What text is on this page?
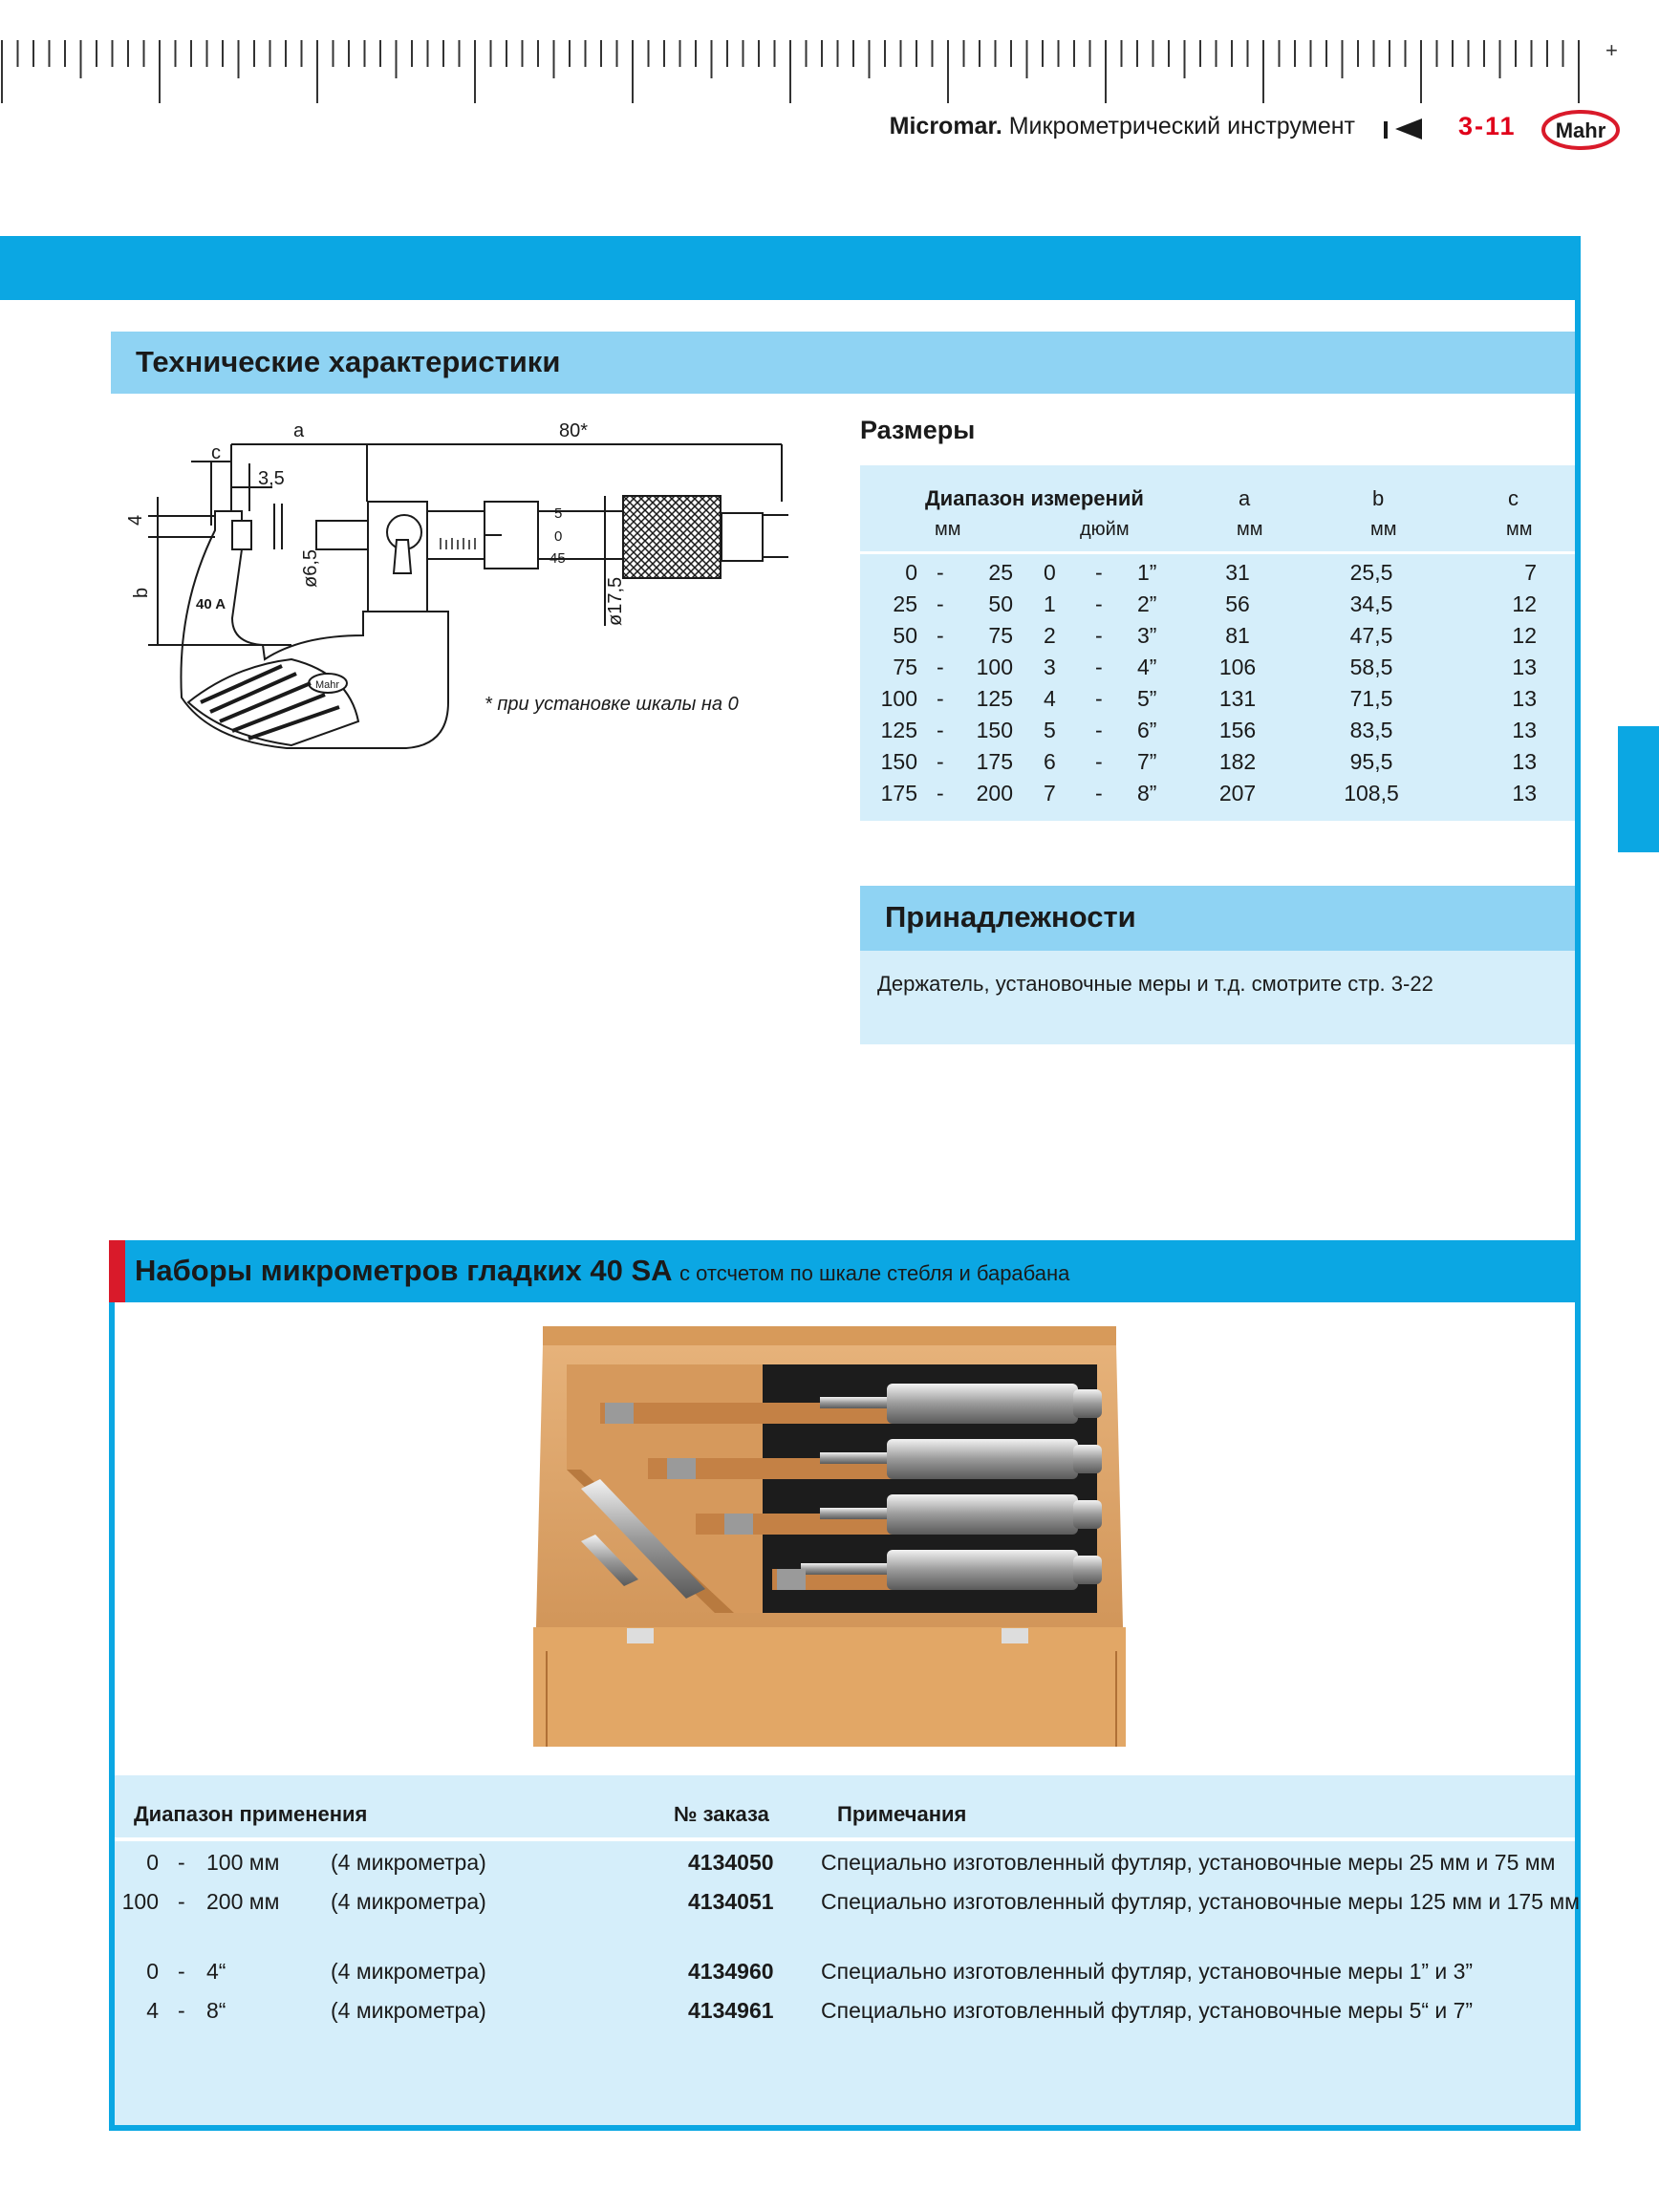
+
Micromar. Микрометрический инструмент	3-11 Mahr
Технические характеристики
a	80*
c
3,5
4
b
ø6,5
ø17,5
40 A
Mahr
5
0
45
* при установке шкалы на 0
Размеры
Диапазон измерений
мм	дюйм
a	b	c
мм	мм	мм
0 -	25 0 - 1”	31	25,5	7
25 -	50 1 - 2”	56	34,5	12
50 -	75 2 - 3”	81	47,5	12
75 -	100 3 - 4”	106	58,5	13
100 -	125 4 - 5”	131	71,5	13
125 -	150 5 - 6”	156	83,5	13
150 -	175 6 - 7”	182	95,5	13
175 -	200 7 - 8”	207	108,5	13
Принадлежности
Держатель, установочные меры и т.д. смотрите стр. 3-22
Наборы микрометров гладких 40 SA с отсчетом по шкале стебля и барабана
Диапазон применения	№ заказа	Примечания
0 - 100 мм (4 микрометра)	4134050 Специально изготовленный футляр, установочные меры 25 мм и 75 мм
100 - 200 мм (4 микрометра)	4134051 Специально изготовленный футляр, установочные меры 125 мм и 175 мм
0 - 4“	(4 микрометра)	4134960 Специально изготовленный футляр, установочные меры 1” и 3”
4 - 8“	(4 микрометра)	4134961 Специально изготовленный футляр, установочные меры 5“ и 7”
